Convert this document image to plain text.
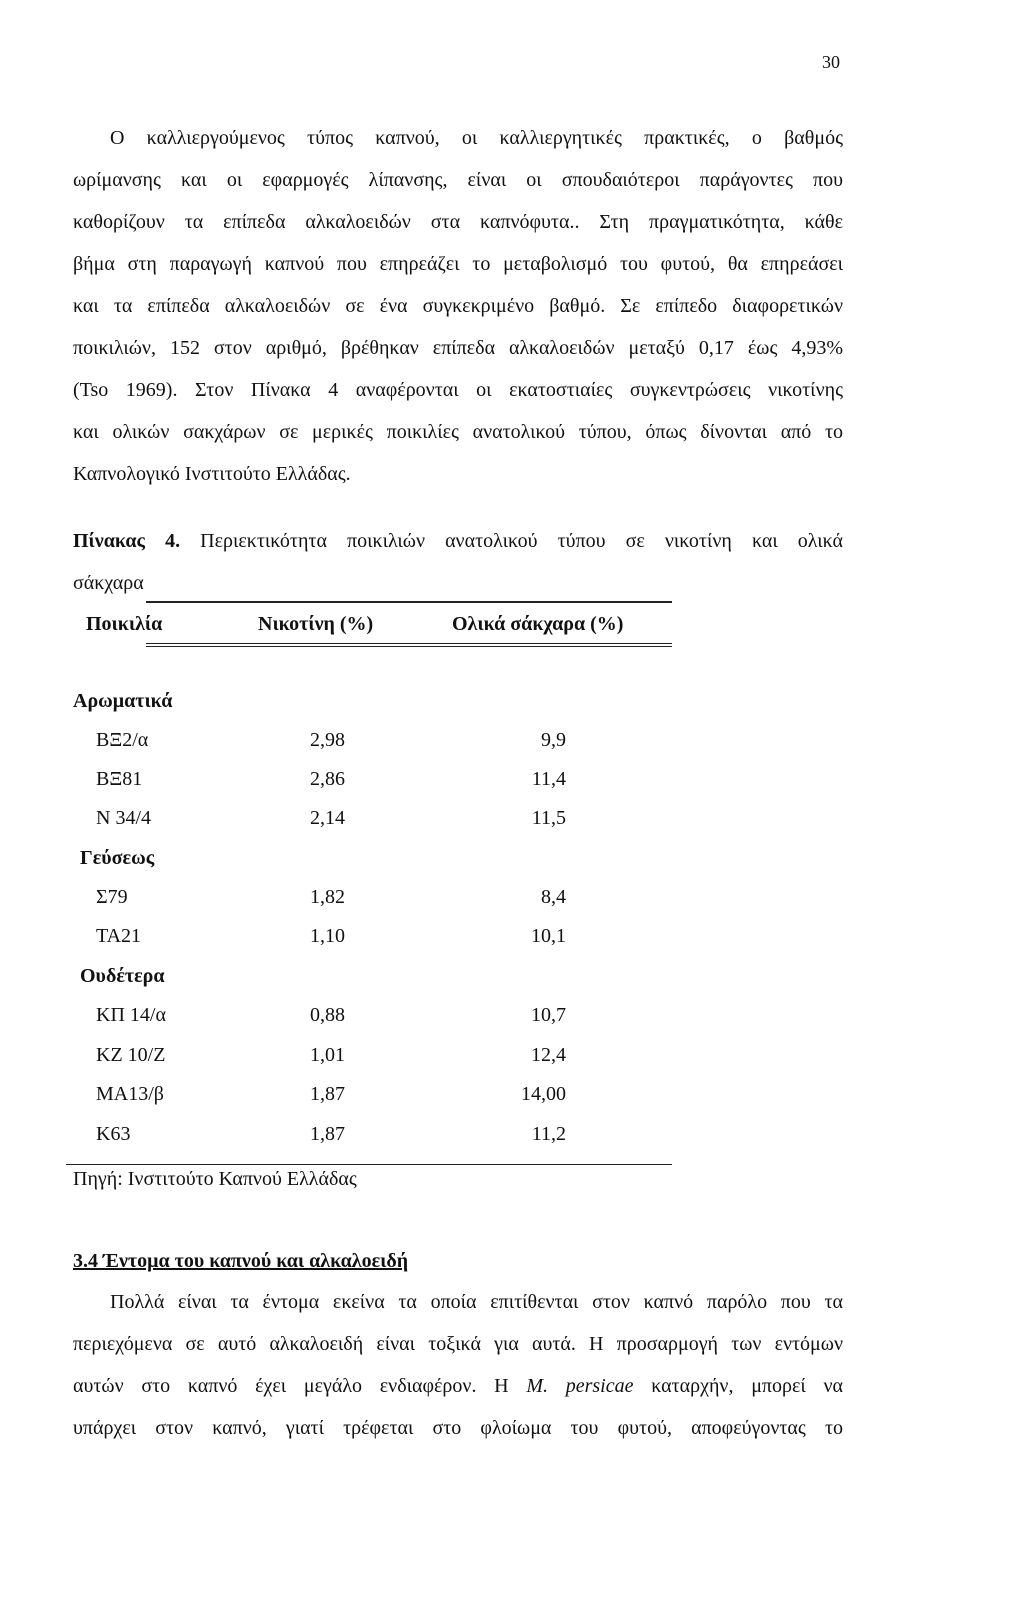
30
Ο καλλιεργούμενος τύπος καπνού, οι καλλιεργητικές πρακτικές, ο βαθμός
ωρίμανσης και οι εφαρμογές λίπανσης, είναι οι σπουδαιότεροι παράγοντες που
καθορίζουν τα επίπεδα αλκαλοειδών στα καπνόφυτα.. Στη πραγματικότητα, κάθε
βήμα στη παραγωγή καπνού που επηρεάζει το μεταβολισμό του φυτού, θα επηρεάσει
και τα επίπεδα αλκαλοειδών σε ένα συγκεκριμένο βαθμό. Σε επίπεδο διαφορετικών
ποικιλιών, 152 στον αριθμό, βρέθηκαν επίπεδα αλκαλοειδών μεταξύ 0,17 έως 4,93%
(Tso 1969). Στον Πίνακα 4 αναφέρονται οι εκατοστιαίες συγκεντρώσεις νικοτίνης
και ολικών σακχάρων σε μερικές ποικιλίες ανατολικού τύπου, όπως δίνονται από το
Καπνολογικό Ινστιτούτο Ελλάδας.
Πίνακας 4. Περιεκτικότητα ποικιλιών ανατολικού τύπου σε νικοτίνη και ολικά
σάκχαρα
Ποικιλία	Νικοτίνη (%)	Ολικά σάκχαρα (%)
Αρωματικά
ΒΞ2/α	2,98	9,9
ΒΞ81	2,86	11,4
Ν 34/4	2,14	11,5
Γεύσεως
Σ79	1,82	8,4
ΤΑ21	1,10	10,1
Ουδέτερα
ΚΠ 14/α	0,88	10,7
ΚΖ 10/Ζ	1,01	12,4
ΜΑ13/β	1,87	14,00
Κ63	1,87	11,2
Πηγή: Ινστιτούτο Καπνού Ελλάδας
3.4 Έντομα του καπνού και αλκαλοειδή
Πολλά είναι τα έντομα εκείνα τα οποία επιτίθενται στον καπνό παρόλο που τα
περιεχόμενα σε αυτό αλκαλοειδή είναι τοξικά για αυτά. Η προσαρμογή των εντόμων
αυτών στο καπνό έχει μεγάλο ενδιαφέρον. Η M. persicae καταρχήν, μπορεί να
υπάρχει στον καπνό, γιατί τρέφεται στο φλοίωμα του φυτού, αποφεύγοντας το
